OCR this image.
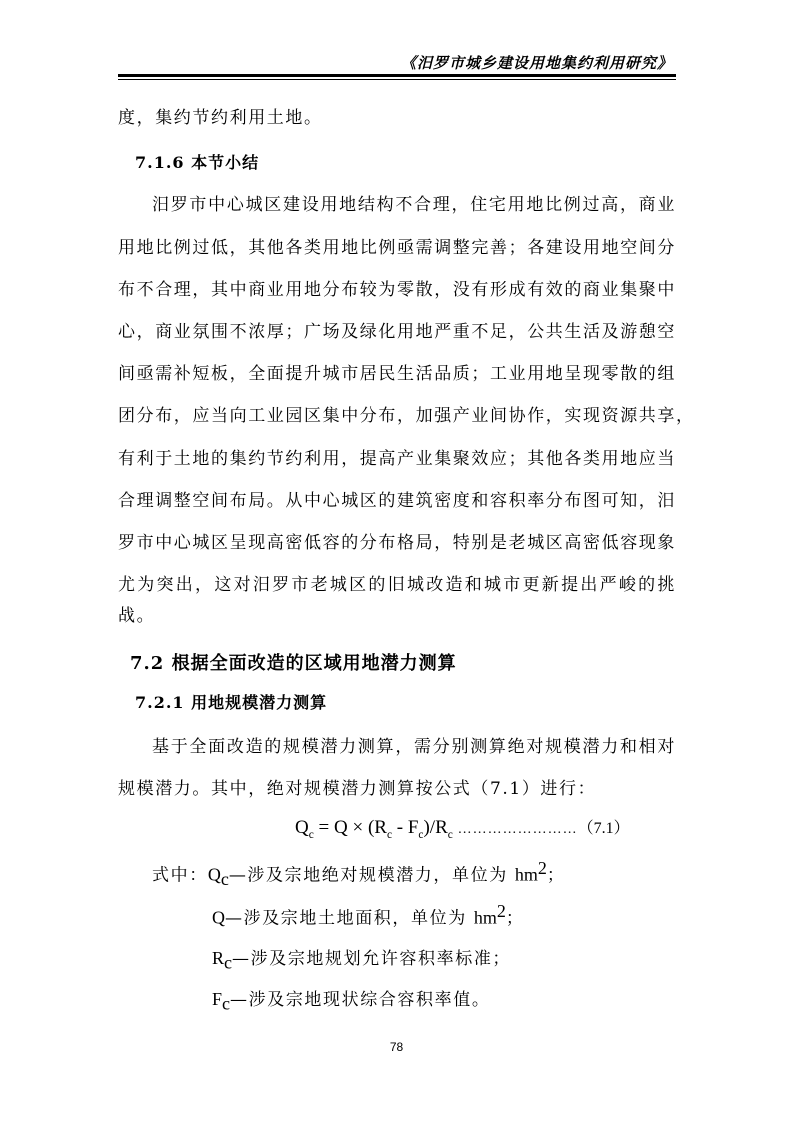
《汨罗市城乡建设用地集约利用研究》
度，集约节约利用土地。
7.1.6 本节小结
汨罗市中心城区建设用地结构不合理，住宅用地比例过高，商业
用地比例过低，其他各类用地比例亟需调整完善；各建设用地空间分
布不合理，其中商业用地分布较为零散，没有形成有效的商业集聚中
心，商业氛围不浓厚；广场及绿化用地严重不足，公共生活及游憩空
间亟需补短板，全面提升城市居民生活品质；工业用地呈现零散的组
团分布，应当向工业园区集中分布，加强产业间协作，实现资源共享，
有利于土地的集约节约利用，提高产业集聚效应；其他各类用地应当
合理调整空间布局。从中心城区的建筑密度和容积率分布图可知，汨
罗市中心城区呈现高密低容的分布格局，特别是老城区高密低容现象
尤为突出，这对汨罗市老城区的旧城改造和城市更新提出严峻的挑
战。
7.2 根据全面改造的区域用地潜力测算
7.2.1 用地规模潜力测算
基于全面改造的规模潜力测算，需分别测算绝对规模潜力和相对
规模潜力。其中，绝对规模潜力测算按公式（7.1）进行：
$Q_c = Q \times (R_c - F_c)/R_c$ ……………………（7.1）
式中：$Q_c—$涉及宗地绝对规模潜力，单位为 $hm^2$；
Q—涉及宗地土地面积，单位为 $hm^2$；
$R_c—$涉及宗地规划允许容积率标准；
$F_c—$涉及宗地现状综合容积率值。
78
